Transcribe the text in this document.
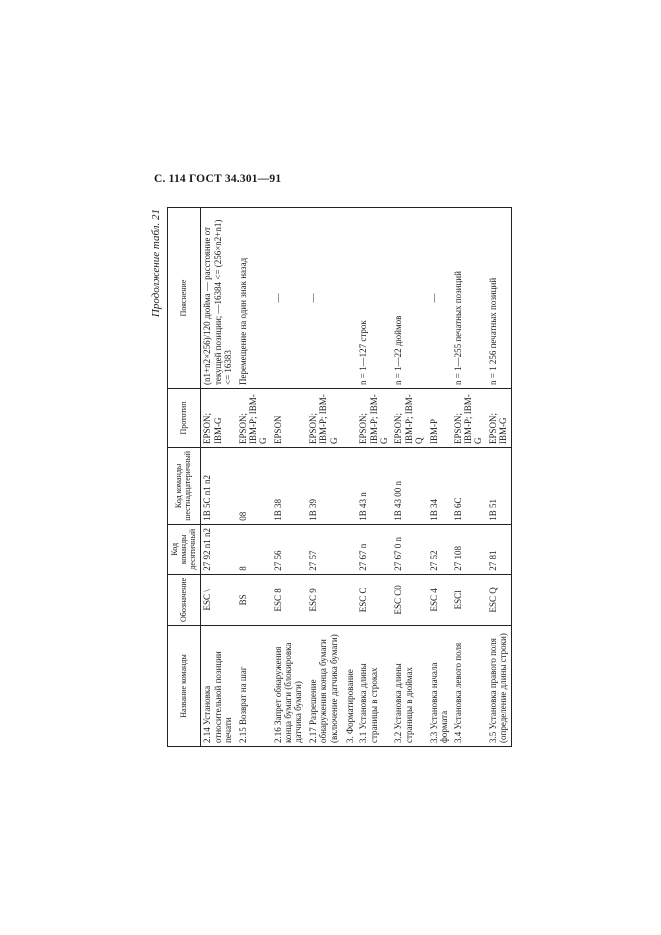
С. 114 ГОСТ 34.301—91
Продолжение табл. 21
Название команды	Обозначение	Код команды десятичный	Код команды шестнадцатеричный	Прототип	Пояснение
2.14 Установка относительной позиции печати	ESC \	27 92 n1 n2	1B 5C n1 n2	EPSON; IBM-G	(n1+n2×256)/120 дюйма — расстояние от текущей позиции; —16384 <= (256×n2+n1) <= 16383
2.15 Возврат на шаг	BS	8	08	EPSON; IBM-P; IBM-G	Перемещение на один знак назад
2.16 Запрет обнаружения конца бумаги (блокировка датчика бумаги)	ESC 8	27 56	1B 38	EPSON	—
2.17 Разрешение обнаружения конца бумаги (включение датчика бумаги)	ESC 9	27 57	1B 39	EPSON; IBM-P; IBM-G	—
3. Форматирование					
3.1 Установка длины страницы в строках	ESC C	27 67 n	1B 43 n	EPSON; IBM-P; IBM-G	n = 1—127 строк
3.2 Установка длины страницы в дюймах	ESC C0	27 67 0 n	1B 43 00 n	EPSON; IBM-P; IBM-Q	n = 1—22 дюймов
3.3 Установка начала формата	ESC 4	27 52	1B 34	IBM-P	—
3.4 Установка левого поля	ESCl	27 108	1B 6C	EPSON; IBM-P; IBM-G	n = 1—255 печатных позиций
3.5 Установка правого поля (определение длины строки)	ESC Q	27 81	1B 51	EPSON; IBM-G	n = 1 256 печатных позиций
